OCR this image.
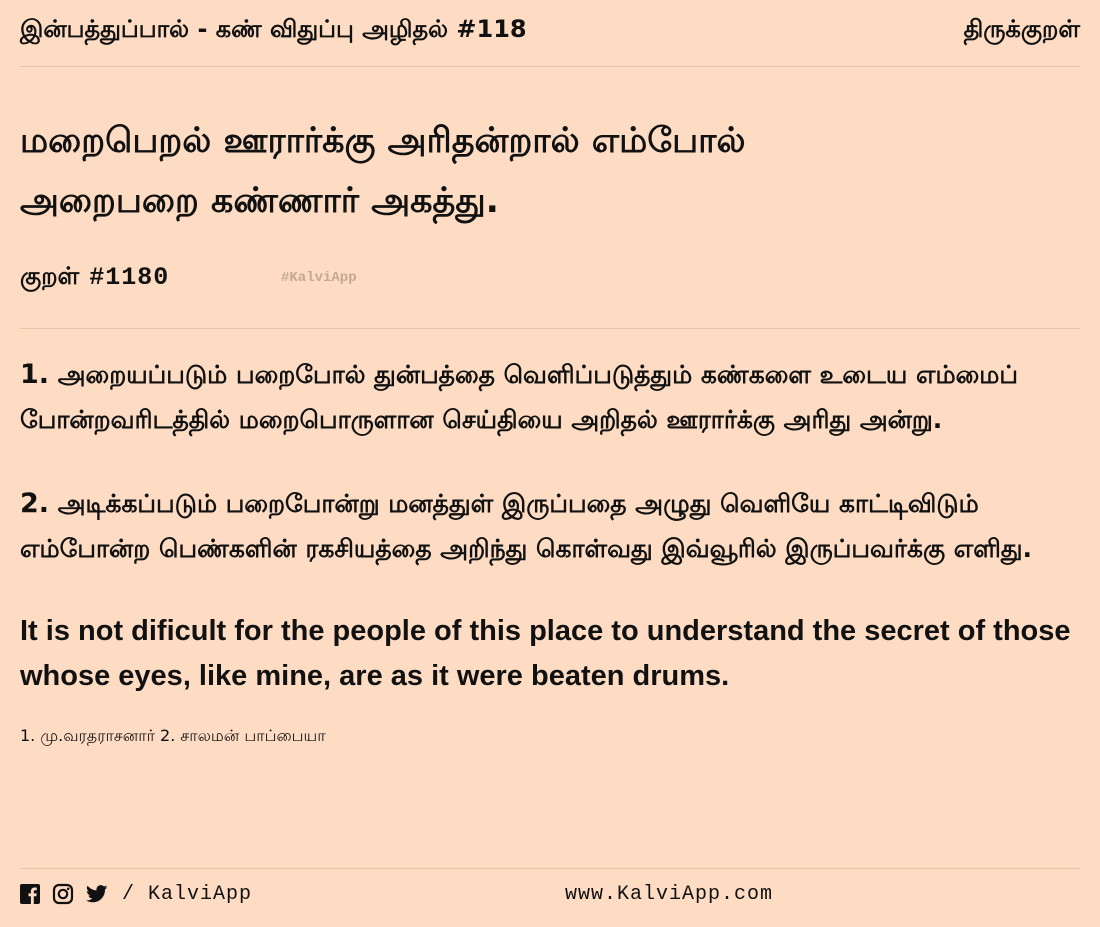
இன்பத்துப்பால் - கண் விதுப்பு அழிதல் #118	திருக்குறள்
மறைபெறல் ஊரார்க்கு அரிதன்றால் எம்போல்
அறைபறை கண்ணார் அகத்து.
குறள் #1180	#KalviApp
1. அறையப்படும் பறைபோல் துன்பத்தை வெளிப்படுத்தும் கண்களை உடைய எம்மைப் போன்றவரிடத்தில் மறைபொருளான செய்தியை அறிதல் ஊரார்க்கு அரிது அன்று.
2. அடிக்கப்படும் பறைபோன்று மனத்துள் இருப்பதை அழுது வெளியே காட்டிவிடும் எம்போன்ற பெண்களின் ரகசியத்தை அறிந்து கொள்வது இவ்வூரில் இருப்பவர்க்கு எளிது.
It is not dificult for the people of this place to understand the secret of those whose eyes, like mine, are as it were beaten drums.
1. மு.வரதராசனார் 2. சாலமன் பாப்பையா
/ KalviApp	www.KalviApp.com
